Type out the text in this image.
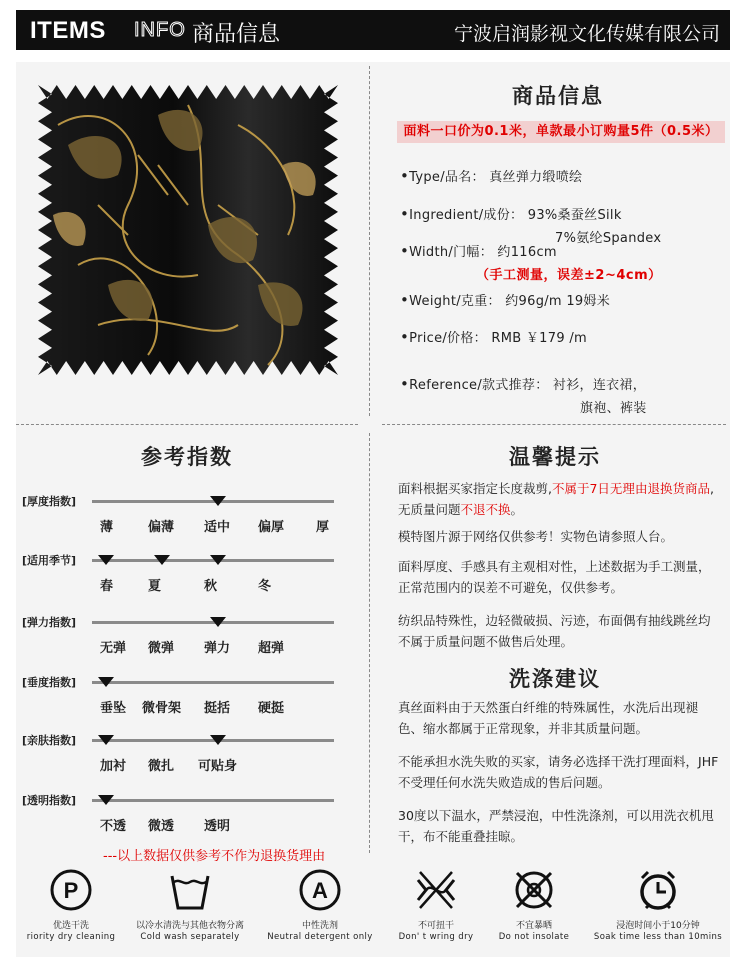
ITEMS INFO 商品信息	宁波启润影视文化传媒有限公司
商品信息
面料一口价为0.1米，单款最小订购量5件（0.5米）
•Type/品名： 真丝弹力缎喷绘
•Ingredient/成份： 93%桑蚕丝Silk
7%氨纶Spandex
•Width/门幅： 约116cm
（手工测量，误差±2~4cm）
•Weight/克重： 约96g/m 19姆米
•Price/价格： RMB ￥179 /m
•Reference/款式推荐： 衬衫，连衣裙，
旗袍、裤装
参考指数
[厚度指数]
薄	偏薄 适中 偏厚 厚
[适用季节]
春	夏	秋	冬
[弹力指数]
无弹 微弹 弹力 超弹
[垂度指数]
垂坠 微骨架 挺括 硬挺
[亲肤指数]
加衬 微扎 可贴身
[透明指数]
不透 微透 透明
---以上数据仅供参考不作为退换货理由
温馨提示
面料根据买家指定长度裁剪,不属于7日无理由退换货商品,无质量问题不退不换。
模特图片源于网络仅供参考！实物色请参照人台。
面料厚度、手感具有主观相对性，上述数据为手工测量，正常范围内的误差不可避免，仅供参考。
纺织品特殊性，边轻微破损、污迹，布面偶有抽线跳丝均不属于质量问题不做售后处理。
洗涤建议
真丝面料由于天然蛋白纤维的特殊属性，水洗后出现褪色、缩水都属于正常现象，并非其质量问题。
不能承担水洗失败的买家，请务必选择干洗打理面料，JHF不受理任何水洗失败造成的售后问题。
30度以下温水，严禁浸泡，中性洗涤剂，可以用洗衣机甩干，布不能重叠挂晾。
P	A
优选干洗
riority dry cleaning
以冷水清洗与其他衣物分离
Cold wash separately
中性洗剂
Neutral detergent only
不可扭干
Don' t wring dry
不宜暴晒
Do not insolate
浸泡时间小于10分钟
Soak time less than 10mins
